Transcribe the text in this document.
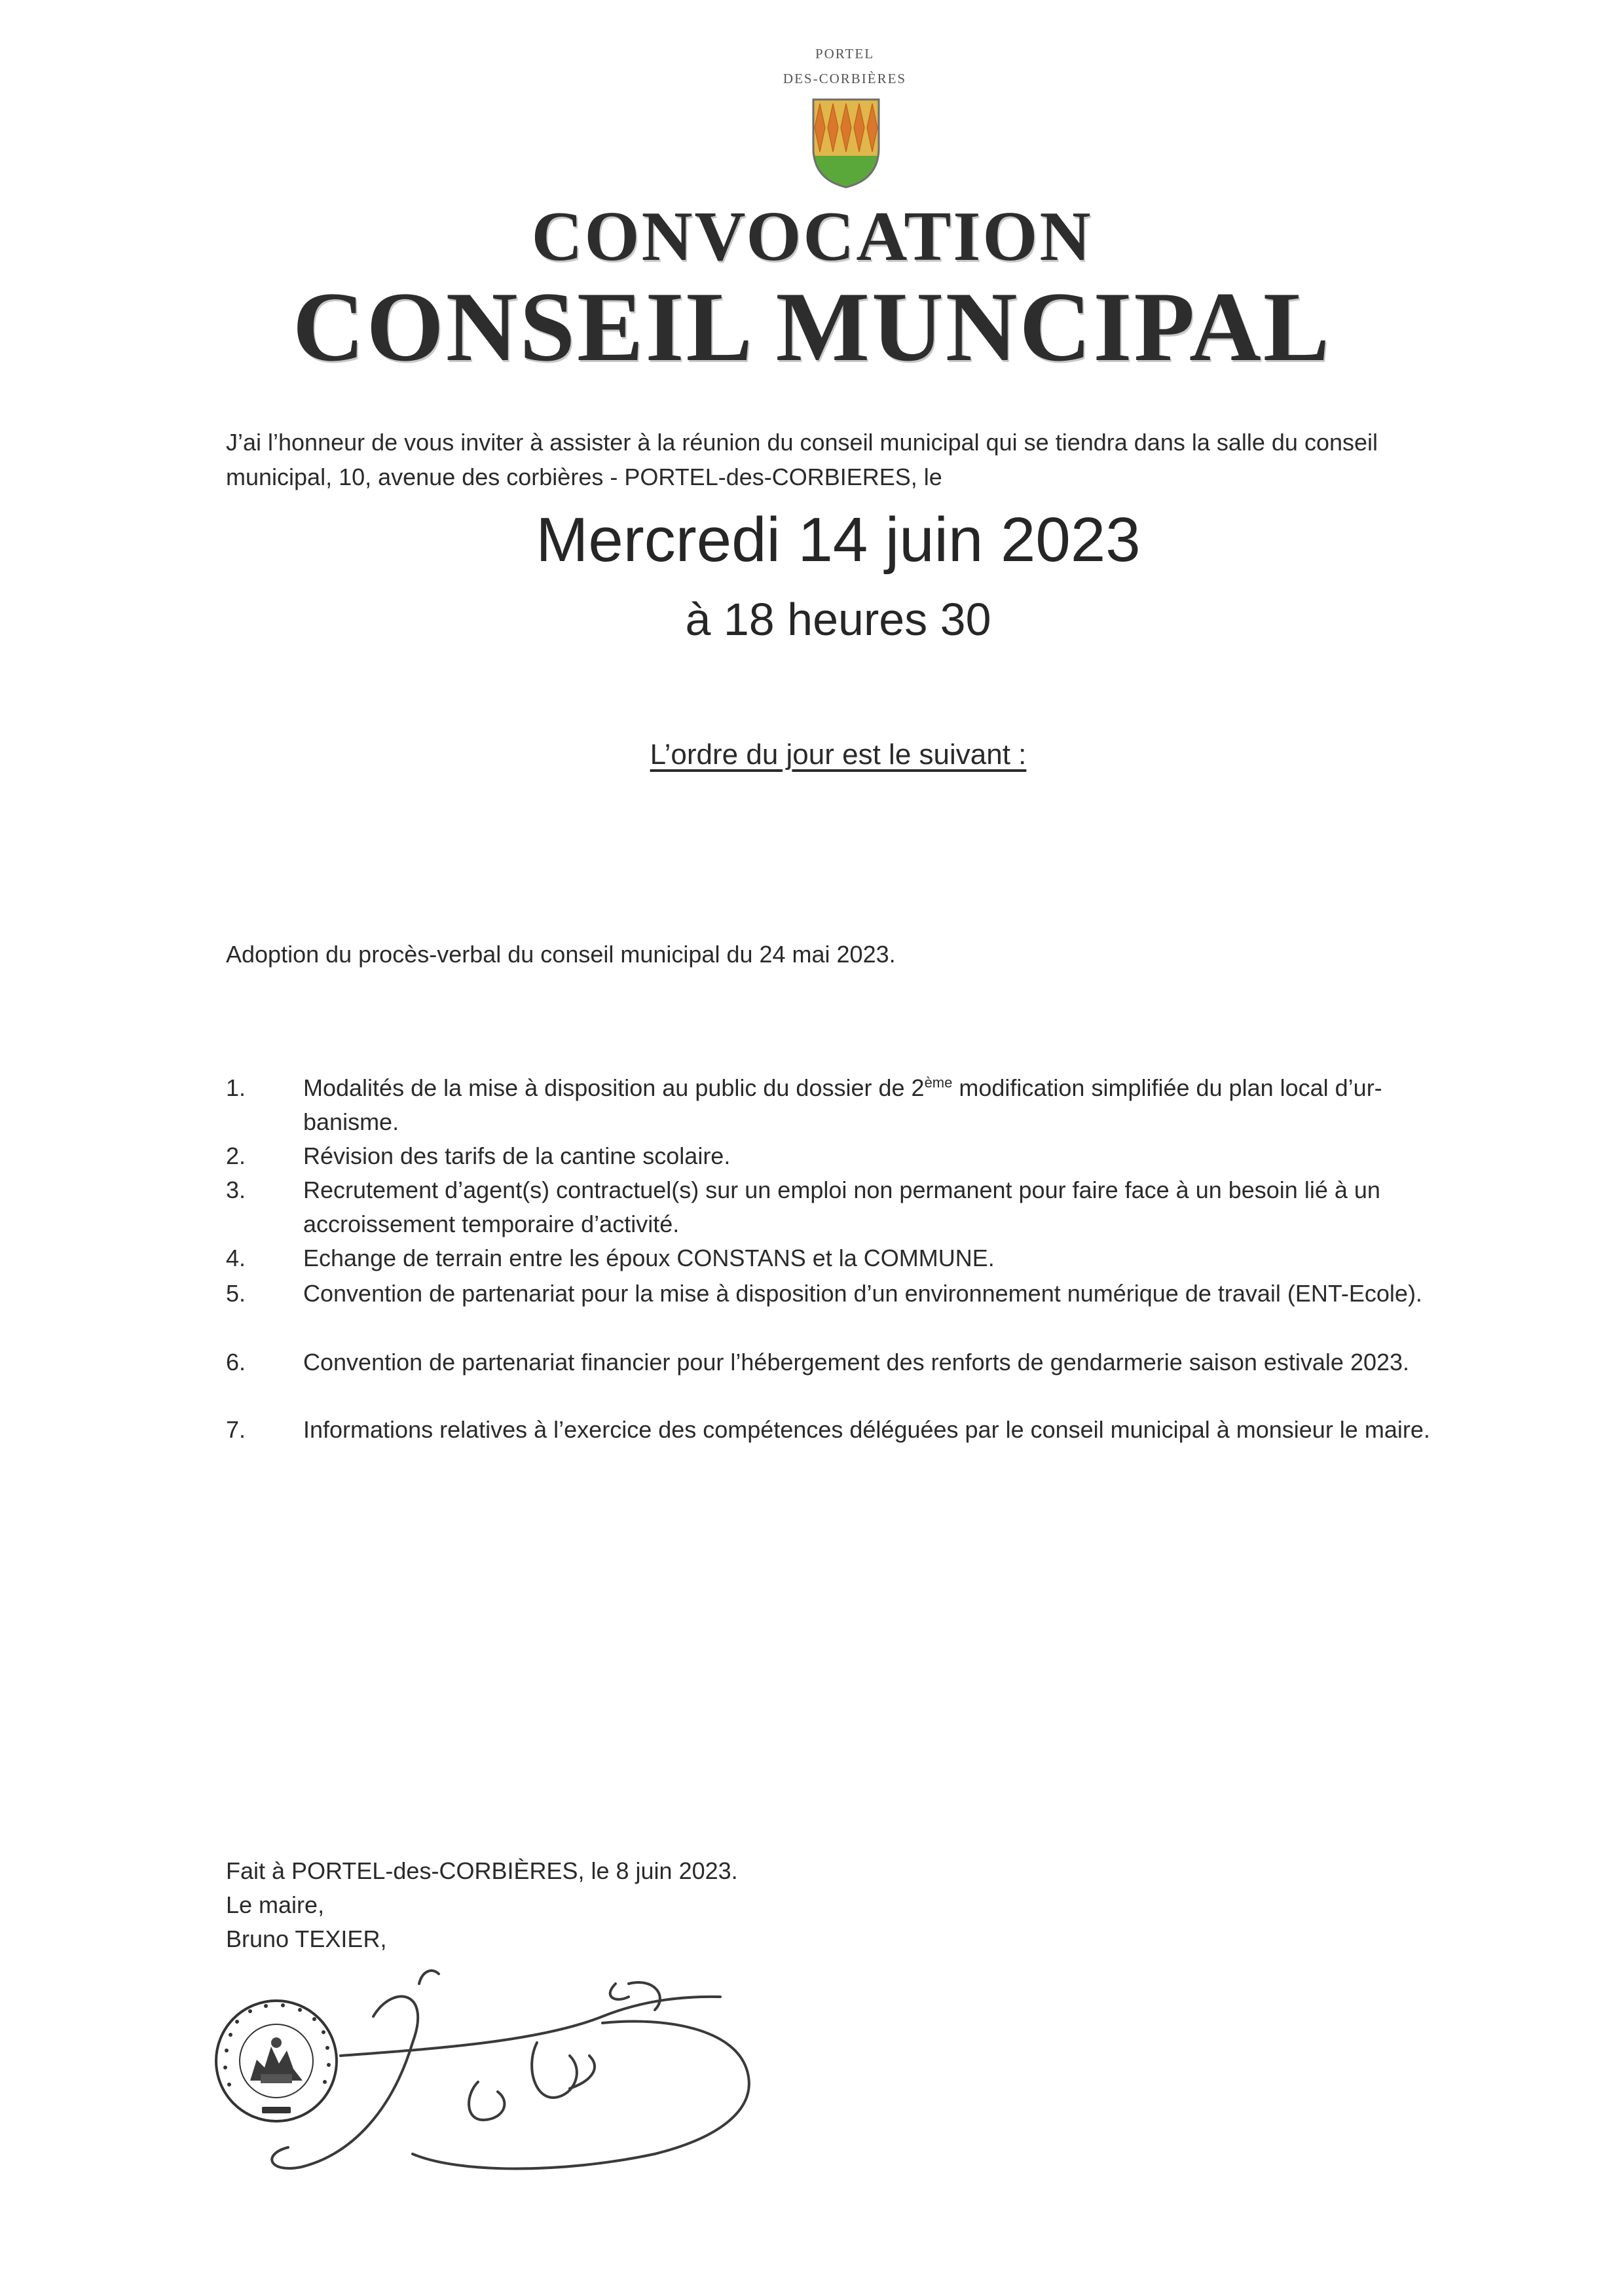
PORTEL
DES-CORBIÈRES
CONVOCATION
CONSEIL MUNCIPAL
J’ai l’honneur de vous inviter à assister à la réunion du conseil municipal qui se tiendra dans la salle du conseil
municipal, 10, avenue des corbières - PORTEL-des-CORBIERES, le
Mercredi 14 juin 2023
à 18 heures 30
L’ordre du jour est le suivant :
Adoption du procès-verbal du conseil municipal du 24 mai 2023.
1. Modalités de la mise à disposition au public du dossier de 2ème modification simplifiée du plan local d’ur-
banisme.
2. Révision des tarifs de la cantine scolaire.
3. Recrutement d’agent(s) contractuel(s) sur un emploi non permanent pour faire face à un besoin lié à un accroissement temporaire d’activité.
4. Echange de terrain entre les époux CONSTANS et la COMMUNE.
5. Convention de partenariat pour la mise à disposition d’un environnement numérique de travail (ENT-Ecole).
6. Convention de partenariat financier pour l’hébergement des renforts de gendarmerie saison estivale 2023.
7. Informations relatives à l’exercice des compétences déléguées par le conseil municipal à monsieur le maire.
Fait à PORTEL-des-CORBIÈRES, le 8 juin 2023.
Le maire,
Bruno TEXIER,
